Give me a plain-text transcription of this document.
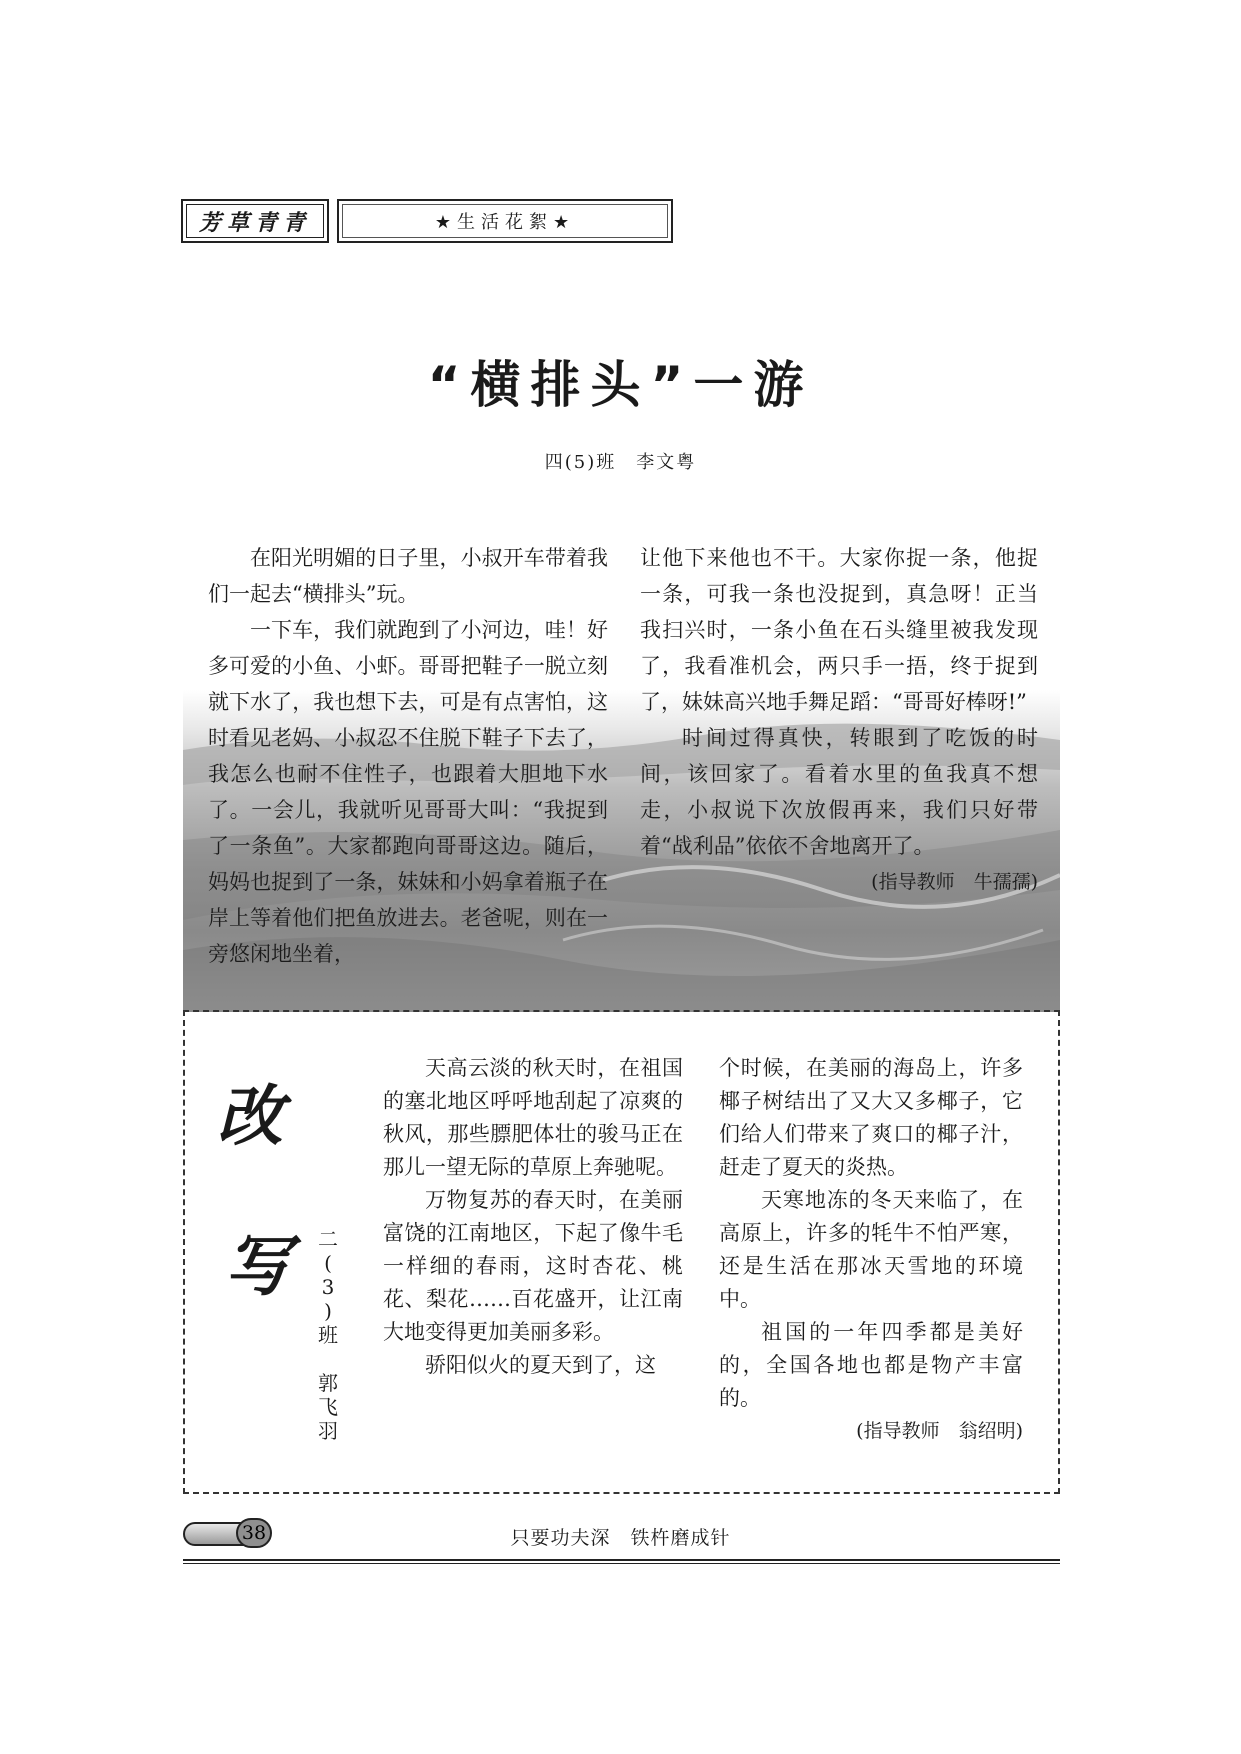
芳草青青	★生活花絮★
“横排头”一游
四(5)班　李文粤

在阳光明媚的日子里，小叔开车带着我们一起去“横排头”玩。

一下车，我们就跑到了小河边，哇！好多可爱的小鱼、小虾。哥哥把鞋子一脱立刻就下水了，我也想下去，可是有点害怕，这时看见老妈、小叔忍不住脱下鞋子下去了，我怎么也耐不住性子，也跟着大胆地下水了。一会儿，我就听见哥哥大叫：“我捉到了一条鱼”。大家都跑向哥哥这边。随后，妈妈也捉到了一条，妹妹和小妈拿着瓶子在岸上等着他们把鱼放进去。老爸呢，则在一旁悠闲地坐着，

让他下来他也不干。大家你捉一条，他捉一条，可我一条也没捉到，真急呀！正当我扫兴时，一条小鱼在石头缝里被我发现了，我看准机会，两只手一捂，终于捉到了，妹妹高兴地手舞足蹈：“哥哥好棒呀!”

时间过得真快，转眼到了吃饭的时间，该回家了。看着水里的鱼我真不想走，小叔说下次放假再来，我们只好带着“战利品”依依不舍地离开了。

(指导教师　牛孺孺)

改
写 二
(
3
)
班
郭
飞
羽

天高云淡的秋天时，在祖国的塞北地区呼呼地刮起了凉爽的秋风，那些膘肥体壮的骏马正在那儿一望无际的草原上奔驰呢。

万物复苏的春天时，在美丽富饶的江南地区，下起了像牛毛一样细的春雨，这时杏花、桃花、梨花……百花盛开，让江南大地变得更加美丽多彩。

骄阳似火的夏天到了，这

个时候，在美丽的海岛上，许多椰子树结出了又大又多椰子，它们给人们带来了爽口的椰子汁，赶走了夏天的炎热。

天寒地冻的冬天来临了，在高原上，许多的牦牛不怕严寒，还是生活在那冰天雪地的环境中。

祖国的一年四季都是美好的，全国各地也都是物产丰富的。

(指导教师　翁绍明)

38	只要功夫深　铁杵磨成针
